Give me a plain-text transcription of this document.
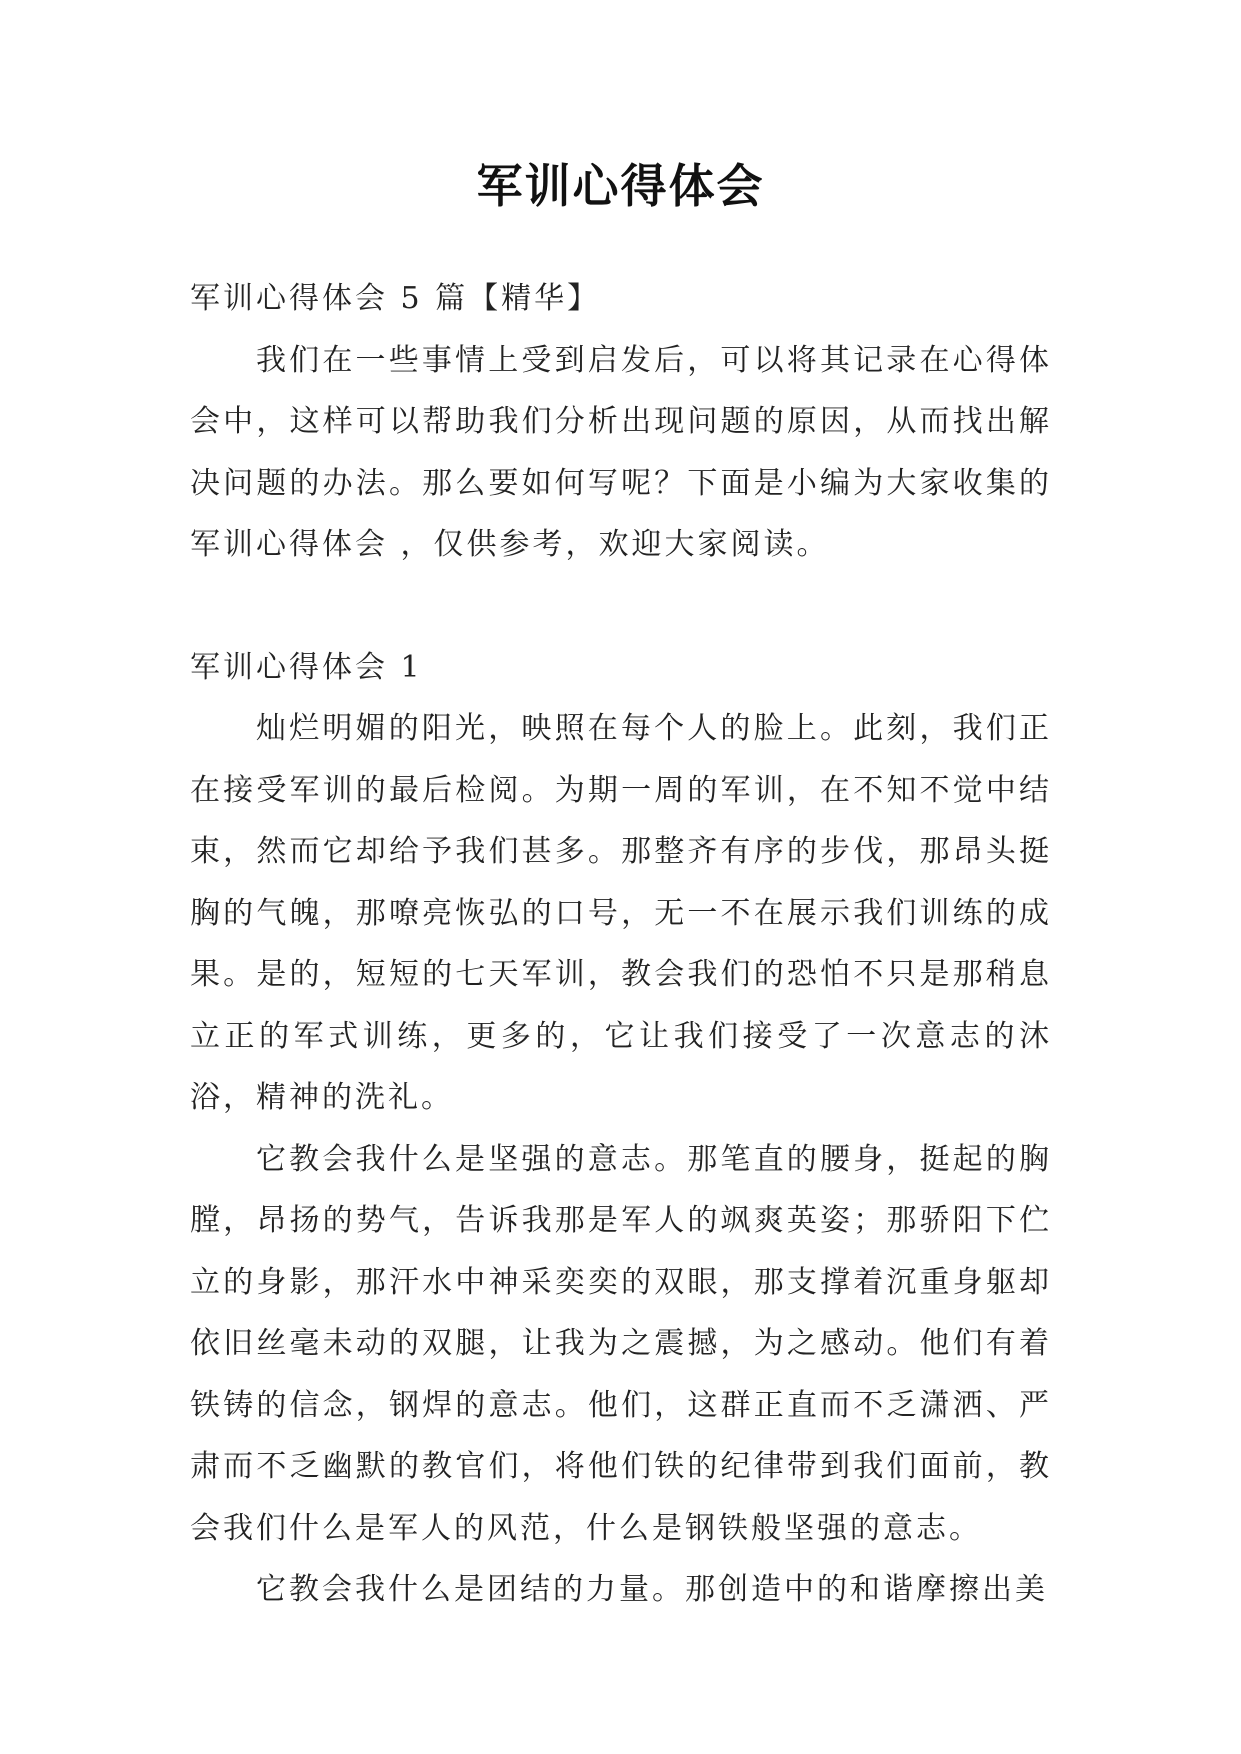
军训心得体会

军训心得体会 5 篇【精华】

我们在一些事情上受到启发后，可以将其记录在心得体会中，这样可以帮助我们分析出现问题的原因，从而找出解决问题的办法。那么要如何写呢？下面是小编为大家收集的军训心得体会 ，仅供参考，欢迎大家阅读。

军训心得体会 1

灿烂明媚的阳光，映照在每个人的脸上。此刻，我们正在接受军训的最后检阅。为期一周的军训，在不知不觉中结束，然而它却给予我们甚多。那整齐有序的步伐，那昂头挺胸的气魄，那嘹亮恢弘的口号，无一不在展示我们训练的成果。是的，短短的七天军训，教会我们的恐怕不只是那稍息立正的军式训练，更多的，它让我们接受了一次意志的沐浴，精神的洗礼。

它教会我什么是坚强的意志。那笔直的腰身，挺起的胸膛，昂扬的势气，告诉我那是军人的飒爽英姿；那骄阳下伫立的身影，那汗水中神采奕奕的双眼，那支撑着沉重身躯却依旧丝毫未动的双腿，让我为之震撼，为之感动。他们有着铁铸的信念，钢焊的意志。他们，这群正直而不乏潇洒、严肃而不乏幽默的教官们，将他们铁的纪律带到我们面前，教会我们什么是军人的风范，什么是钢铁般坚强的意志。

它教会我什么是团结的力量。那创造中的和谐摩擦出美
